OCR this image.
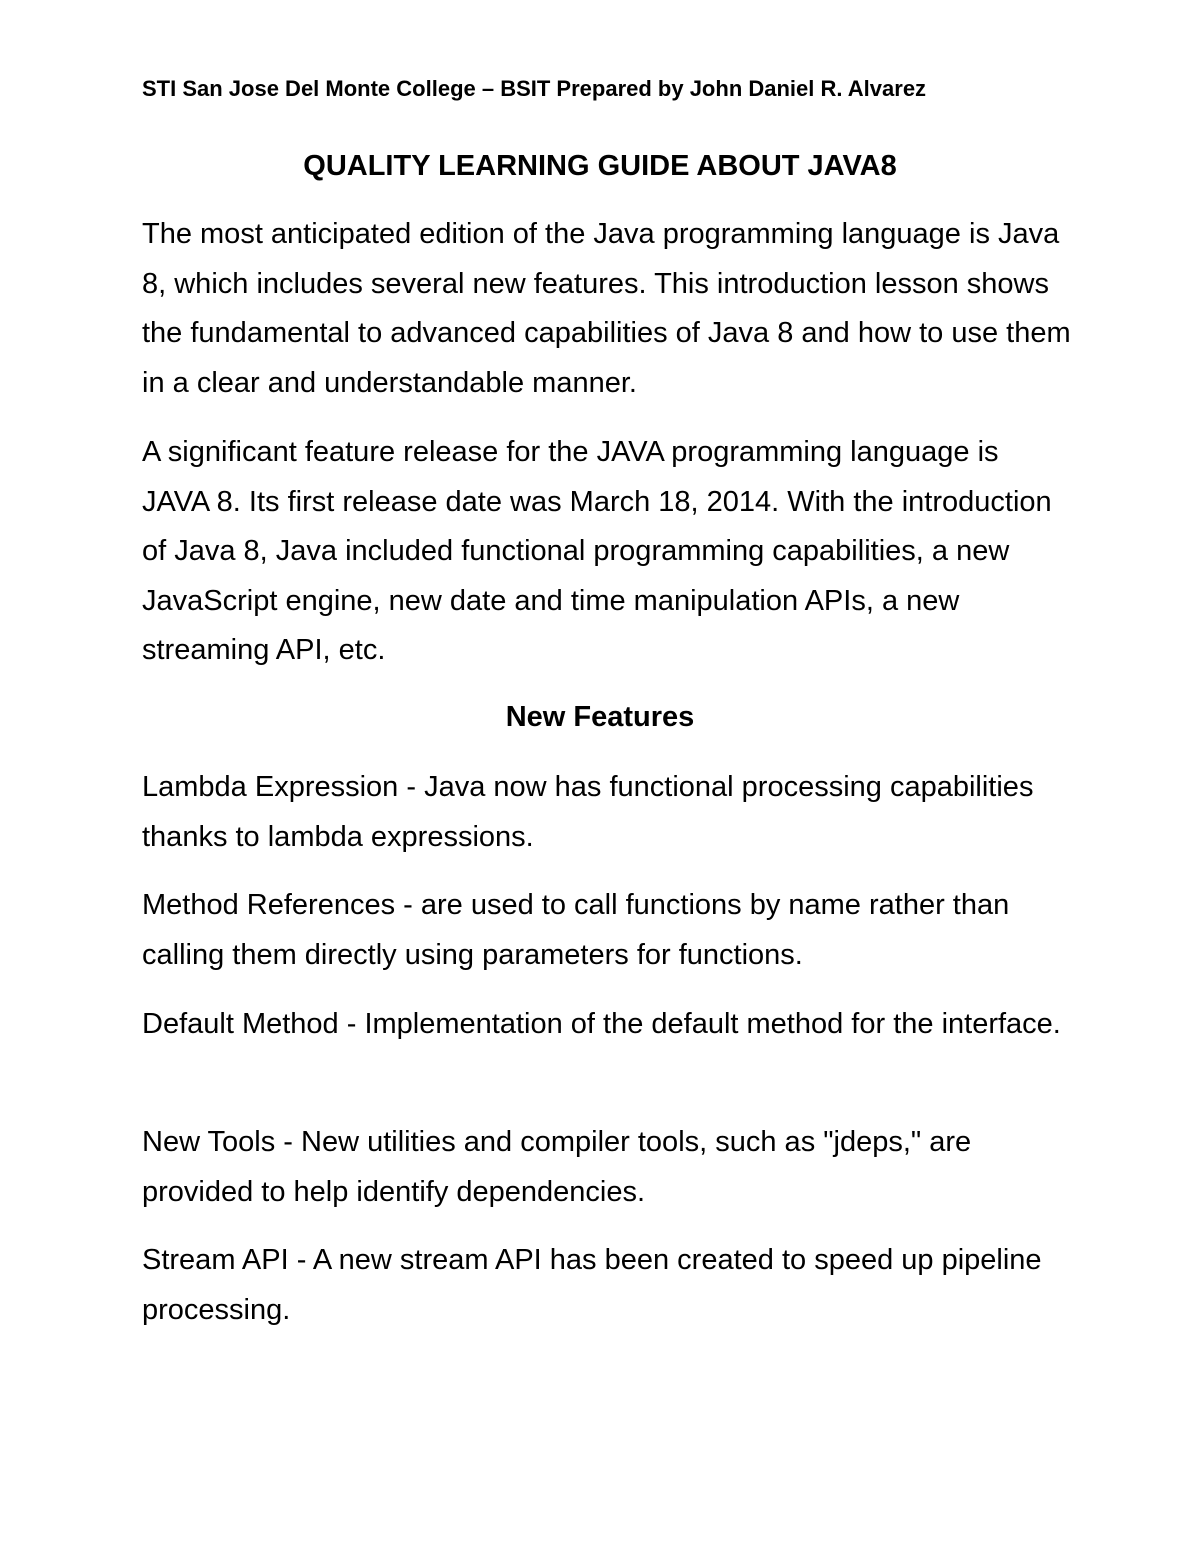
STI San Jose Del Monte College – BSIT Prepared by John Daniel R. Alvarez
QUALITY LEARNING GUIDE ABOUT JAVA8

The most anticipated edition of the Java programming language is Java 8, which includes several new features. This introduction lesson shows the fundamental to advanced capabilities of Java 8 and how to use them in a clear and understandable manner.

A significant feature release for the JAVA programming language is JAVA 8. Its first release date was March 18, 2014. With the introduction of Java 8, Java included functional programming capabilities, a new JavaScript engine, new date and time manipulation APIs, a new streaming API, etc.

New Features

Lambda Expression - Java now has functional processing capabilities thanks to lambda expressions.

Method References - are used to call functions by name rather than calling them directly using parameters for functions.

Default Method - Implementation of the default method for the interface.

New Tools - New utilities and compiler tools, such as "jdeps," are provided to help identify dependencies.

Stream API - A new stream API has been created to speed up pipeline processing.
